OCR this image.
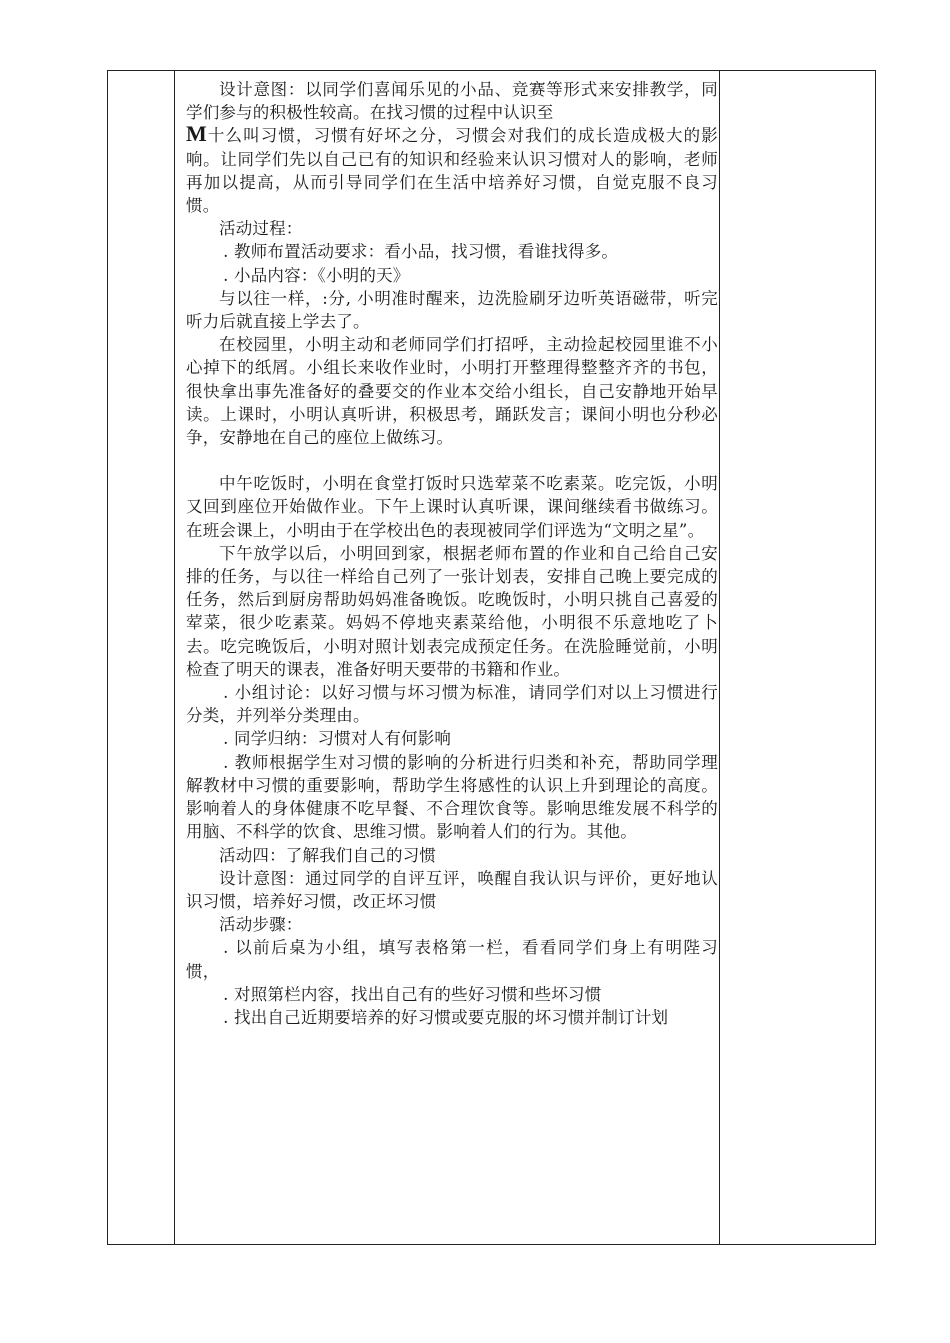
设计意图：以同学们喜闻乐见的小品、竞赛等形式来安排教学，同学们参与的积极性较高。在找习惯的过程中认识至
M十么叫习惯，习惯有好坏之分，习惯会对我们的成长造成极大的影响。让同学们先以自己已有的知识和经验来认识习惯对人的影响，老师再加以提高，从而引导同学们在生活中培养好习惯，自觉克服不良习惯。

活动过程：

. 教师布置活动要求：看小品，找习惯，看谁找得多。

. 小品内容：《小明的天》

与以往一样，:分, 小明准时醒来，边洗脸刷牙边听英语磁带，听完听力后就直接上学去了。

在校园里，小明主动和老师同学们打招呼，主动捡起校园里谁不小心掉下的纸屑。小组长来收作业时，小明打开整理得整整齐齐的书包，很快拿出事先准备好的叠要交的作业本交给小组长，自己安静地开始早读。上课时，小明认真听讲，积极思考，踊跃发言；课间小明也分秒必争，安静地在自己的座位上做练习。

中午吃饭时，小明在食堂打饭时只选荤菜不吃素菜。吃完饭，小明又回到座位开始做作业。下午上课时认真听课，课间继续看书做练习。在班会课上，小明由于在学校出色的表现被同学们评选为“文明之星”。

下午放学以后，小明回到家，根据老师布置的作业和自己给自己安排的任务，与以往一样给自己列了一张计划表，安排自己晚上要完成的任务，然后到厨房帮助妈妈准备晚饭。吃晚饭时，小明只挑自己喜爱的荤菜，很少吃素菜。妈妈不停地夹素菜给他，小明很不乐意地吃了卜去。吃完晚饭后，小明对照计划表完成预定任务。在洗脸睡觉前，小明检查了明天的课表，准备好明天要带的书籍和作业。

. 小组讨论：以好习惯与坏习惯为标准，请同学们对以上习惯进行分类，并列举分类理由。

. 同学归纳：习惯对人有何影响

. 教师根据学生对习惯的影响的分析进行归类和补充，帮助同学理解教材中习惯的重要影响，帮助学生将感性的认识上升到理论的高度。影响着人的身体健康不吃早餐、不合理饮食等。影响思维发展不科学的用脑、不科学的饮食、思维习惯。影响着人们的行为。其他。

活动四：了解我们自己的习惯

设计意图：通过同学的自评互评，唤醒自我认识与评价，更好地认识习惯，培养好习惯，改正坏习惯

活动步骤：

. 以前后桌为小组，填写表格第一栏，看看同学们身上有明陛习惯，

. 对照第栏内容，找出自己有的些好习惯和些坏习惯

. 找出自己近期要培养的好习惯或要克服的坏习惯并制订计划
